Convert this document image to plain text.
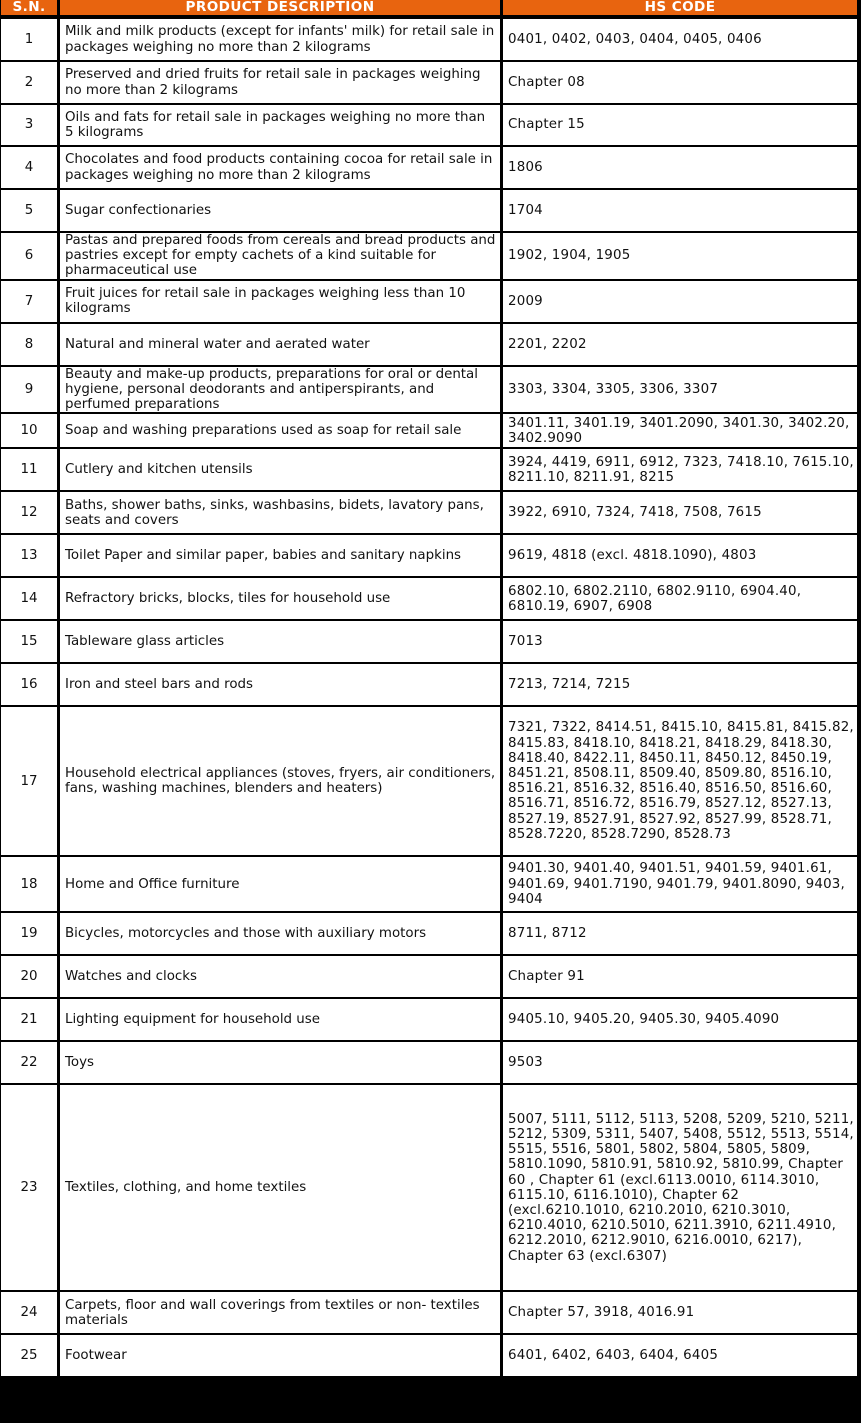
S.N.	PRODUCT DESCRIPTION	HS CODE
1	Milk and milk products (except for infants' milk) for retail sale in packages weighing no more than 2 kilograms	0401, 0402, 0403, 0404, 0405, 0406
2	Preserved and dried fruits for retail sale in packages weighing no more than 2 kilograms	Chapter 08
3	Oils and fats for retail sale in packages weighing no more than 5 kilograms	Chapter 15
4	Chocolates and food products containing cocoa for retail sale in packages weighing no more than 2 kilograms	1806
5	Sugar confectionaries	1704
6	Pastas and prepared foods from cereals and bread products and pastries except for empty cachets of a kind suitable for pharmaceutical use	1902, 1904, 1905
7	Fruit juices for retail sale in packages weighing less than 10 kilograms	2009
8	Natural and mineral water and aerated water	2201, 2202
9	Beauty and make-up products, preparations for oral or dental hygiene, personal deodorants and antiperspirants, and perfumed preparations	3303, 3304, 3305, 3306, 3307
10	Soap and washing preparations used as soap for retail sale	3401.11, 3401.19, 3401.2090, 3401.30, 3402.20, 3402.9090
11	Cutlery and kitchen utensils	3924, 4419, 6911, 6912, 7323, 7418.10, 7615.10, 8211.10, 8211.91, 8215
12	Baths, shower baths, sinks, washbasins, bidets, lavatory pans, seats and covers	3922, 6910, 7324, 7418, 7508, 7615
13	Toilet Paper and similar paper, babies and sanitary napkins	9619, 4818 (excl. 4818.1090), 4803
14	Refractory bricks, blocks, tiles for household use	6802.10, 6802.2110, 6802.9110, 6904.40, 6810.19, 6907, 6908
15	Tableware glass articles	7013
16	Iron and steel bars and rods	7213, 7214, 7215
17	Household electrical appliances (stoves, fryers, air conditioners, fans, washing machines, blenders and heaters)	7321, 7322, 8414.51, 8415.10, 8415.81, 8415.82, 8415.83, 8418.10, 8418.21, 8418.29, 8418.30, 8418.40, 8422.11, 8450.11, 8450.12, 8450.19, 8451.21, 8508.11, 8509.40, 8509.80, 8516.10, 8516.21, 8516.32, 8516.40, 8516.50, 8516.60, 8516.71, 8516.72, 8516.79, 8527.12, 8527.13, 8527.19, 8527.91, 8527.92, 8527.99, 8528.71, 8528.7220, 8528.7290, 8528.73
18	Home and Office furniture	9401.30, 9401.40, 9401.51, 9401.59, 9401.61, 9401.69, 9401.7190, 9401.79, 9401.8090, 9403, 9404
19	Bicycles, motorcycles and those with auxiliary motors	8711, 8712
20	Watches and clocks	Chapter 91
21	Lighting equipment for household use	9405.10, 9405.20, 9405.30, 9405.4090
22	Toys	9503
23	Textiles, clothing, and home textiles	5007, 5111, 5112, 5113, 5208, 5209, 5210, 5211, 5212, 5309, 5311, 5407, 5408, 5512, 5513, 5514, 5515, 5516, 5801, 5802, 5804, 5805, 5809, 5810.1090, 5810.91, 5810.92, 5810.99, Chapter 60 , Chapter 61 (excl.6113.0010, 6114.3010, 6115.10, 6116.1010), Chapter 62 (excl.6210.1010, 6210.2010, 6210.3010, 6210.4010, 6210.5010, 6211.3910, 6211.4910, 6212.2010, 6212.9010, 6216.0010, 6217), Chapter 63 (excl.6307)
24	Carpets, floor and wall coverings from textiles or non- textiles materials	Chapter 57, 3918, 4016.91
25	Footwear	6401, 6402, 6403, 6404, 6405
